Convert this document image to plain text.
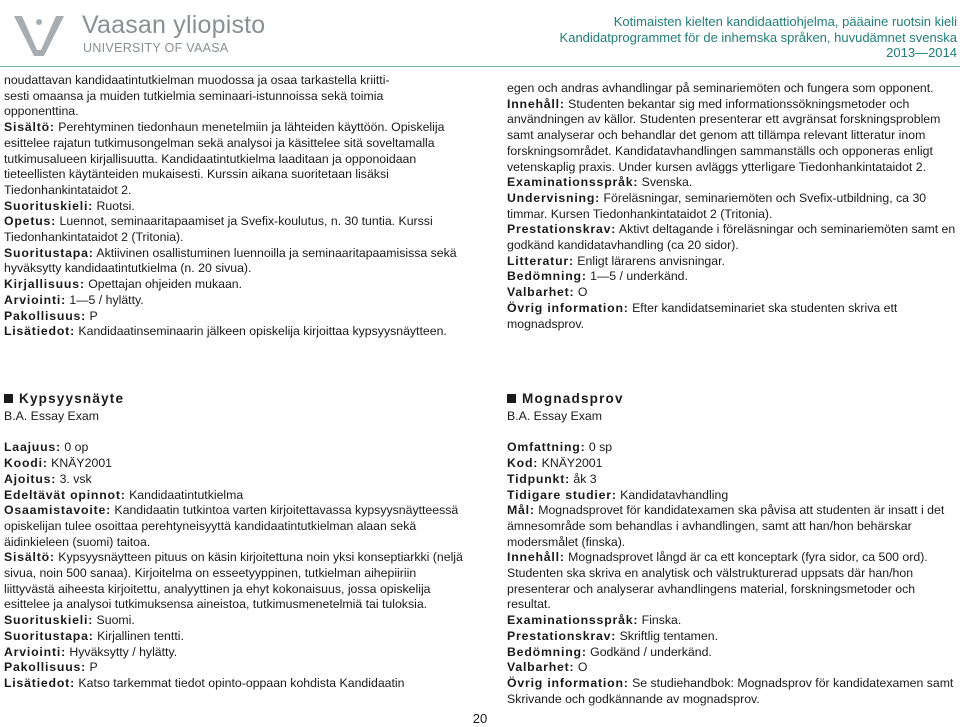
Vaasan yliopisto
UNIVERSITY OF VAASA
Kotimaisten kielten kandidaattiohjelma, pääaine ruotsin kieli
Kandidatprogrammet för de inhemska språken, huvudämnet svenska
2013—2014

noudattavan kandidaatintutkielman muodossa ja osaa tarkastella kriitti-

sesti omaansa ja muiden tutkielmia seminaari-istunnoissa sekä toimia

opponenttina.

Sisältö: Perehtyminen tiedonhaun menetelmiin ja lähteiden käyttöön. Opiskelija esittelee rajatun tutkimusongelman sekä analysoi ja käsittelee sitä soveltamalla tutkimusalueen kirjallisuutta. Kandidaatintutkielma laaditaan ja opponoidaan tieteellisten käytänteiden mukaisesti. Kurssin aikana suoritetaan lisäksi Tiedonhankintataidot 2.

Suorituskieli: Ruotsi.

Opetus: Luennot, seminaaritapaamiset ja Svefix-koulutus, n. 30 tuntia. Kurssi Tiedonhankintataidot 2 (Tritonia).

Suoritustapa: Aktiivinen osallistuminen luennoilla ja seminaaritapaamisissa sekä hyväksytty kandidaatintutkielma (n. 20 sivua).

Kirjallisuus: Opettajan ohjeiden mukaan.

Arviointi: 1—5 / hylätty.

Pakollisuus: P

Lisätiedot: Kandidaatinseminaarin jälkeen opiskelija kirjoittaa kypsyysnäytteen.

Kypsyysnäyte

B.A. Essay Exam

Laajuus: 0 op

Koodi: KNÄY2001

Ajoitus: 3. vsk

Edeltävät opinnot: Kandidaatintutkielma

Osaamistavoite: Kandidaatin tutkintoa varten kirjoitettavassa kypsyysnäytteessä opiskelijan tulee osoittaa perehtyneisyyttä kandidaatintutkielman alaan sekä äidinkieleen (suomi) taitoa.

Sisältö: Kypsyysnäytteen pituus on käsin kirjoitettuna noin yksi konseptiarkki (neljä sivua, noin 500 sanaa). Kirjoitelma on esseetyyppinen, tutkielman aihepiiriin liittyvästä aiheesta kirjoitettu, analyyttinen ja ehyt kokonaisuus, jossa opiskelija esittelee ja analysoi tutkimuksensa aineistoa, tutkimusmenetelmiä tai tuloksia.

Suorituskieli: Suomi.

Suoritustapa: Kirjallinen tentti.

Arviointi: Hyväksytty / hylätty.

Pakollisuus: P

Lisätiedot: Katso tarkemmat tiedot opinto-oppaan kohdista Kandidaatin

egen och andras avhandlingar på seminariemöten och fungera som opponent.

Innehåll: Studenten bekantar sig med informationssökningsmetoder och användningen av källor. Studenten presenterar ett avgränsat forskningsproblem samt analyserar och behandlar det genom att tillämpa relevant litteratur inom forskningsområdet. Kandidatavhandlingen sammanställs och opponeras enligt vetenskaplig praxis. Under kursen avläggs ytterligare Tiedonhankintataidot 2.

Examinationsspråk: Svenska.

Undervisning: Föreläsningar, seminariemöten och Svefix-utbildning, ca 30 timmar. Kursen Tiedonhankintataidot 2 (Tritonia).

Prestationskrav: Aktivt deltagande i föreläsningar och seminariemöten samt en godkänd kandidatavhandling (ca 20 sidor).

Litteratur: Enligt lärarens anvisningar.

Bedömning: 1—5 / underkänd.

Valbarhet: O

Övrig information: Efter kandidatseminariet ska studenten skriva ett mognadsprov.

Mognadsprov

B.A. Essay Exam

Omfattning: 0 sp

Kod: KNÄY2001

Tidpunkt: åk 3

Tidigare studier: Kandidatavhandling

Mål: Mognadsprovet för kandidatexamen ska påvisa att studenten är insatt i det ämnesområde som behandlas i avhandlingen, samt att han/hon behärskar modersmålet (finska).

Innehåll: Mognadsprovet långd är ca ett konceptark (fyra sidor, ca 500 ord). Studenten ska skriva en analytisk och välstrukturerad uppsats där han/hon presenterar och analyserar avhandlingens material, forskningsmetoder och resultat.

Examinationsspråk: Finska.

Prestationskrav: Skriftlig tentamen.

Bedömning: Godkänd / underkänd.

Valbarhet: O

Övrig information: Se studiehandbok: Mognadsprov för kandidatexamen samt Skrivande och godkännande av mognadsprov.

20
